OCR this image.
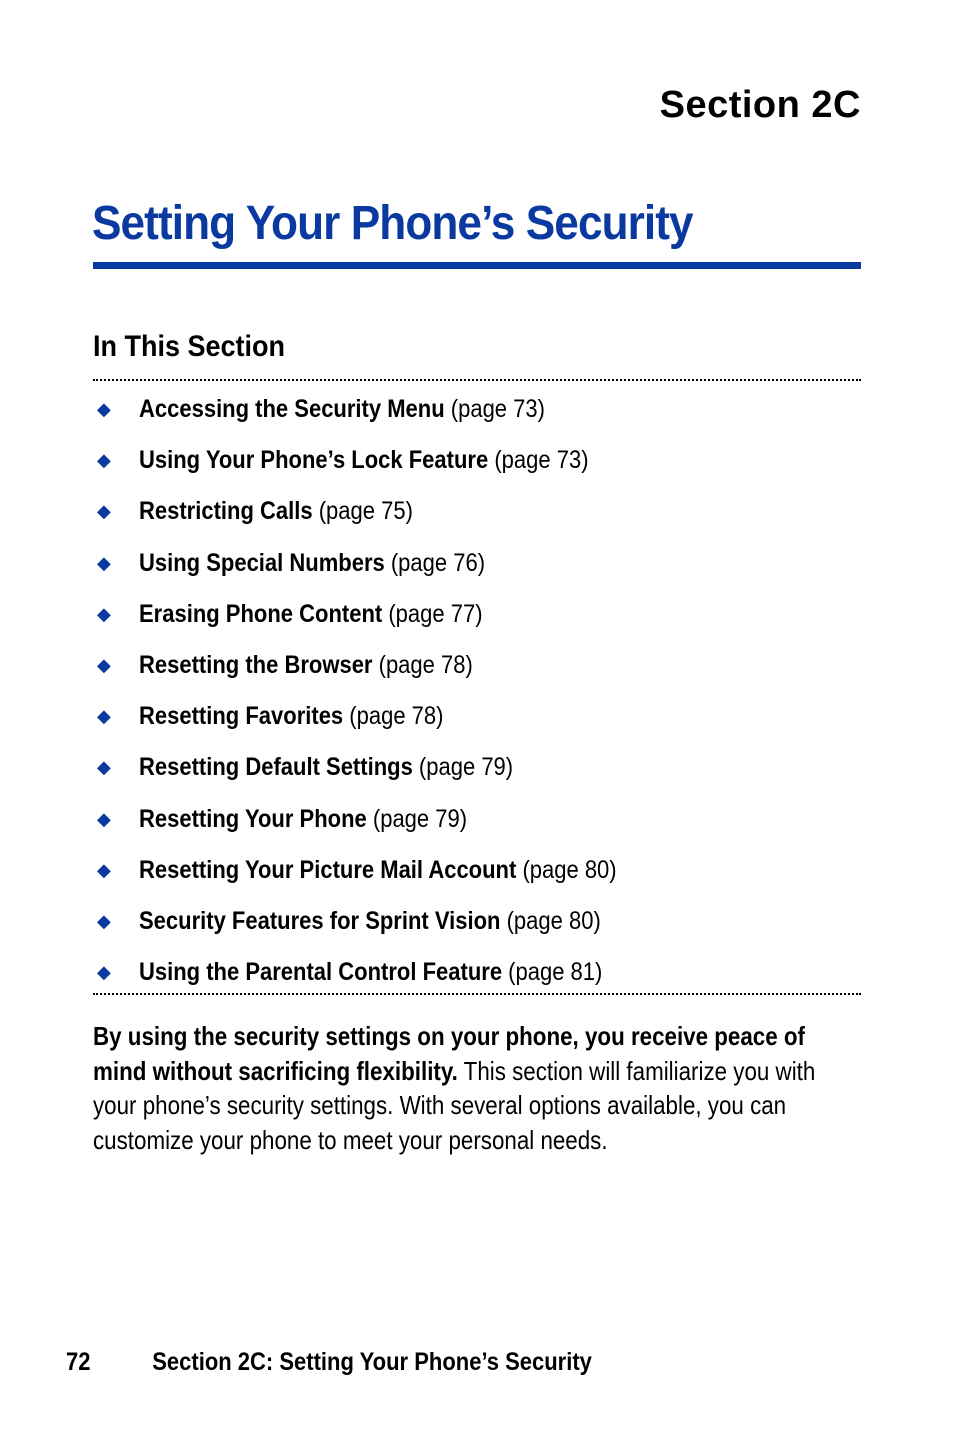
Section 2C
Setting Your Phone’s Security
In This Section
◆
Accessing the Security Menu (page 73)
◆
Using Your Phone’s Lock Feature (page 73)
◆
Restricting Calls (page 75)
◆
Using Special Numbers (page 76)
◆
Erasing Phone Content (page 77)
◆
Resetting the Browser (page 78)
◆
Resetting Favorites (page 78)
◆
Resetting Default Settings (page 79)
◆
Resetting Your Phone (page 79)
◆
Resetting Your Picture Mail Account (page 80)
◆
Security Features for Sprint Vision (page 80)
◆
Using the Parental Control Feature (page 81)

By using the security settings on your phone, you receive peace of mind without sacrificing flexibility. This section will familiarize you with your phone’s security settings. With several options available, you can customize your phone to meet your personal needs.

72 Section 2C: Setting Your Phone’s Security
